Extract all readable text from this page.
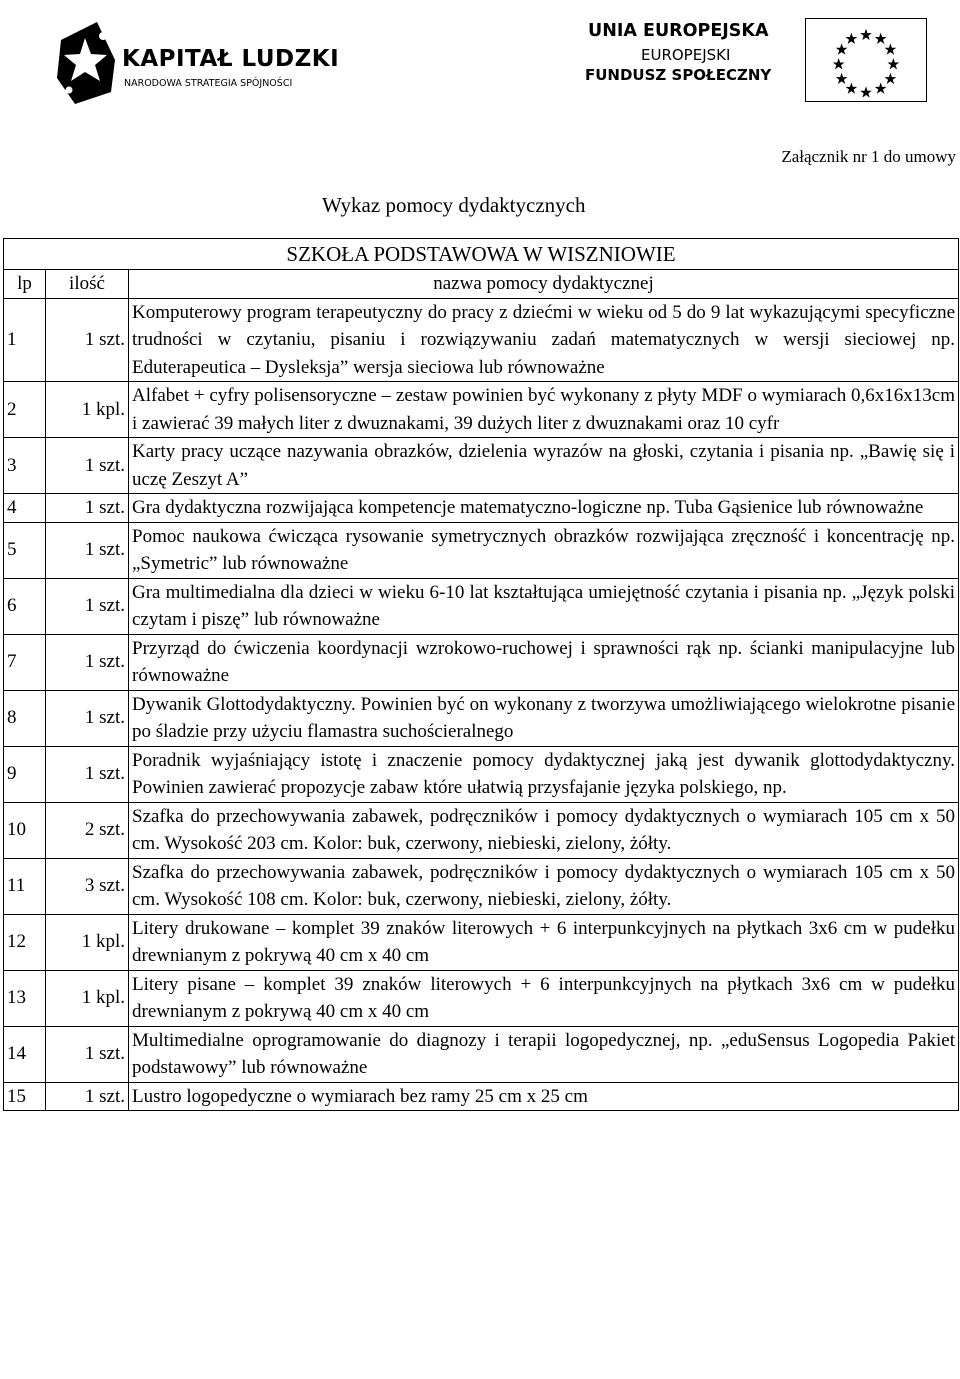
KAPITAŁ LUDZKI
NARODOWA STRATEGIA SPÓJNOŚCI
UNIA EUROPEJSKA
EUROPEJSKI
FUNDUSZ SPOŁECZNY
Załącznik nr 1 do umowy
Wykaz pomocy dydaktycznych
SZKOŁA PODSTAWOWA W WISZNIOWIE		
lp	ilość	nazwa pomocy dydaktycznej
1	1 szt.	Komputerowy program terapeutyczny do pracy z dziećmi w wieku od 5 do 9 lat wykazującymi specyficzne trudności w czytaniu, pisaniu i rozwiązywaniu zadań matematycznych w wersji sieciowej np. Eduterapeutica – Dysleksja” wersja sieciowa lub równoważne
2	1 kpl.	Alfabet + cyfry polisensoryczne – zestaw powinien być wykonany z płyty MDF o wymiarach 0,6x16x13cm i zawierać 39 małych liter z dwuznakami, 39 dużych liter z dwuznakami oraz 10 cyfr
3	1 szt.	Karty pracy uczące nazywania obrazków, dzielenia wyrazów na głoski, czytania i pisania np. „Bawię się i uczę Zeszyt A”
4	1 szt.	Gra dydaktyczna rozwijająca kompetencje matematyczno-logiczne np. Tuba Gąsienice lub równoważne
5	1 szt.	Pomoc naukowa ćwicząca rysowanie symetrycznych obrazków rozwijająca zręczność i koncentrację np. „Symetric” lub równoważne
6	1 szt.	Gra multimedialna dla dzieci w wieku 6-10 lat kształtująca umiejętność czytania i pisania np. „Język polski czytam i piszę” lub równoważne
7	1 szt.	Przyrząd do ćwiczenia koordynacji wzrokowo-ruchowej i sprawności rąk np. ścianki manipulacyjne lub równoważne
8	1 szt.	Dywanik Glottodydaktyczny. Powinien być on wykonany z tworzywa umożliwiającego wielokrotne pisanie po śladzie przy użyciu flamastra suchościeralnego
9	1 szt.	Poradnik wyjaśniający istotę i znaczenie pomocy dydaktycznej jaką jest dywanik glottodydaktyczny. Powinien zawierać propozycje zabaw które ułatwią przysfajanie języka polskiego, np.
10	2 szt.	Szafka do przechowywania zabawek, podręczników i pomocy dydaktycznych o wymiarach 105 cm x 50 cm. Wysokość 203 cm. Kolor: buk, czerwony, niebieski, zielony, żółty.
11	3 szt.	Szafka do przechowywania zabawek, podręczników i pomocy dydaktycznych o wymiarach 105 cm x 50 cm. Wysokość 108 cm. Kolor: buk, czerwony, niebieski, zielony, żółty.
12	1 kpl.	Litery drukowane – komplet 39 znaków literowych + 6 interpunkcyjnych na płytkach 3x6 cm w pudełku drewnianym z pokrywą 40 cm x 40 cm
13	1 kpl.	Litery pisane – komplet 39 znaków literowych + 6 interpunkcyjnych na płytkach 3x6 cm w pudełku drewnianym z pokrywą 40 cm x 40 cm
14	1 szt.	Multimedialne oprogramowanie do diagnozy i terapii logopedycznej, np. „eduSensus Logopedia Pakiet podstawowy” lub równoważne
15	1 szt.	Lustro logopedyczne o wymiarach bez ramy 25 cm x 25 cm
